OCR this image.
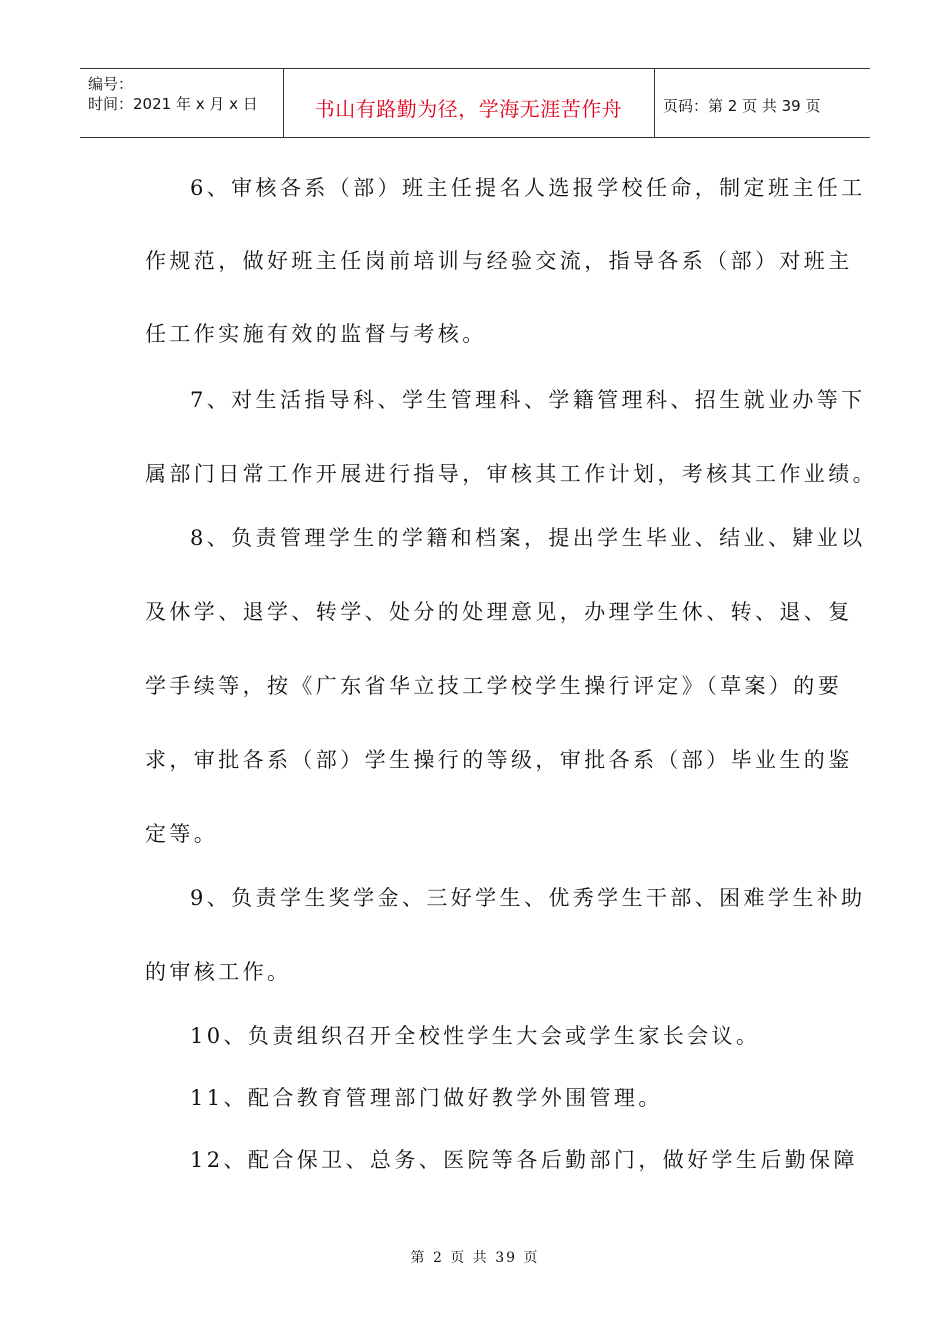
编号：
时间：2021 年 x 月 x 日	书山有路勤为径，学海无涯苦作舟	页码：第 2 页 共 39 页
6、审核各系（部）班主任提名人选报学校任命，制定班主任工
作规范，做好班主任岗前培训与经验交流，指导各系（部）对班主
任工作实施有效的监督与考核。
7、对生活指导科、学生管理科、学籍管理科、招生就业办等下
属部门日常工作开展进行指导，审核其工作计划，考核其工作业绩。
8、负责管理学生的学籍和档案，提出学生毕业、结业、肄业以
及休学、退学、转学、处分的处理意见，办理学生休、转、退、复
学手续等，按《广东省华立技工学校学生操行评定》（草案）的要
求，审批各系（部）学生操行的等级，审批各系（部）毕业生的鉴
定等。
9、负责学生奖学金、三好学生、优秀学生干部、困难学生补助
的审核工作。
10、负责组织召开全校性学生大会或学生家长会议。
11、配合教育管理部门做好教学外围管理。
12、配合保卫、总务、医院等各后勤部门，做好学生后勤保障
第 2 页 共 39 页
